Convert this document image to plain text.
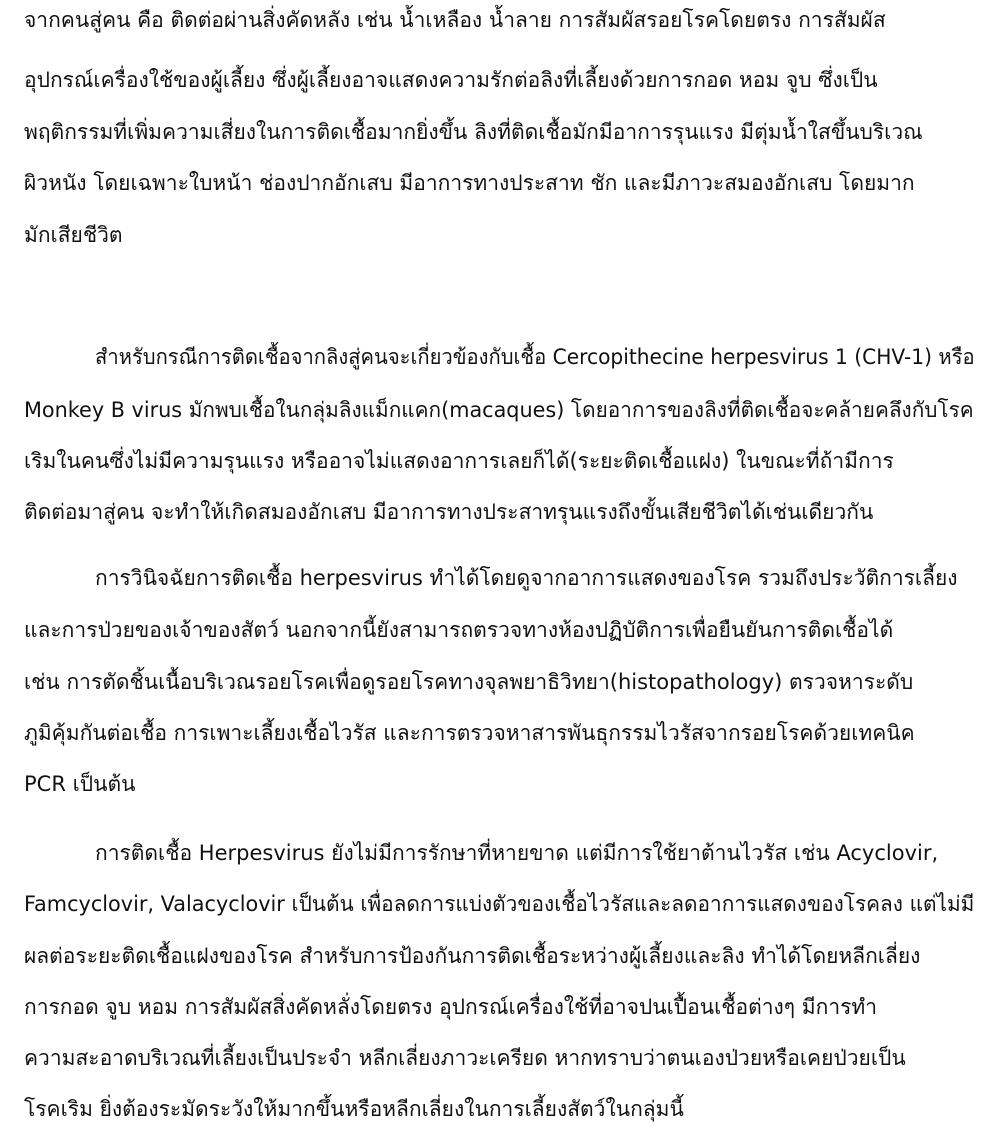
จากคนสู่คน คือ ติดต่อผ่านสิ่งคัดหลัง เช่น น้ำเหลือง น้ำลาย การสัมผัสรอยโรคโดยตรง การสัมผัส
อุปกรณ์เครื่องใช้ของผู้เลี้ยง ซึ่งผู้เลี้ยงอาจแสดงความรักต่อลิงที่เลี้ยงด้วยการกอด หอม จูบ ซึ่งเป็น
พฤติกรรมที่เพิ่มความเสี่ยงในการติดเชื้อมากยิ่งขึ้น ลิงที่ติดเชื้อมักมีอาการรุนแรง มีตุ่มน้ำใสขึ้นบริเวณ
ผิวหนัง โดยเฉพาะใบหน้า ช่องปากอักเสบ มีอาการทางประสาท ชัก และมีภาวะสมองอักเสบ โดยมาก
มักเสียชีวิต
สำหรับกรณีการติดเชื้อจากลิงสู่คนจะเกี่ยวข้องกับเชื้อ Cercopithecine herpesvirus 1 (CHV-1) หรือ
Monkey B virus มักพบเชื้อในกลุ่มลิงแม็กแคก(macaques) โดยอาการของลิงที่ติดเชื้อจะคล้ายคลึงกับโรค
เริมในคนซึ่งไม่มีความรุนแรง หรืออาจไม่แสดงอาการเลยก็ได้(ระยะติดเชื้อแฝง) ในขณะที่ถ้ามีการ
ติดต่อมาสู่คน จะทำให้เกิดสมองอักเสบ มีอาการทางประสาทรุนแรงถึงขั้นเสียชีวิตได้เช่นเดียวกัน
การวินิจฉัยการติดเชื้อ herpesvirus ทำได้โดยดูจากอาการแสดงของโรค รวมถึงประวัติการเลี้ยง
และการป่วยของเจ้าของสัตว์ นอกจากนี้ยังสามารถตรวจทางห้องปฏิบัติการเพื่อยืนยันการติดเชื้อได้
เช่น การตัดชิ้นเนื้อบริเวณรอยโรคเพื่อดูรอยโรคทางจุลพยาธิวิทยา(histopathology) ตรวจหาระดับ
ภูมิคุ้มกันต่อเชื้อ การเพาะเลี้ยงเชื้อไวรัส และการตรวจหาสารพันธุกรรมไวรัสจากรอยโรคด้วยเทคนิค
PCR เป็นต้น
การติดเชื้อ Herpesvirus ยังไม่มีการรักษาที่หายขาด แต่มีการใช้ยาต้านไวรัส เช่น Acyclovir,
Famcyclovir, Valacyclovir เป็นต้น เพื่อลดการแบ่งตัวของเชื้อไวรัสและลดอาการแสดงของโรคลง แต่ไม่มี
ผลต่อระยะติดเชื้อแฝงของโรค สำหรับการป้องกันการติดเชื้อระหว่างผู้เลี้ยงและลิง ทำได้โดยหลีกเลี่ยง
การกอด จูบ หอม การสัมผัสสิ่งคัดหลั่งโดยตรง อุปกรณ์เครื่องใช้ที่อาจปนเปื้อนเชื้อต่างๆ มีการทำ
ความสะอาดบริเวณที่เลี้ยงเป็นประจำ หลีกเลี่ยงภาวะเครียด หากทราบว่าตนเองป่วยหรือเคยป่วยเป็น
โรคเริม ยิ่งต้องระมัดระวังให้มากขึ้นหรือหลีกเลี่ยงในการเลี้ยงสัตว์ในกลุ่มนี้
